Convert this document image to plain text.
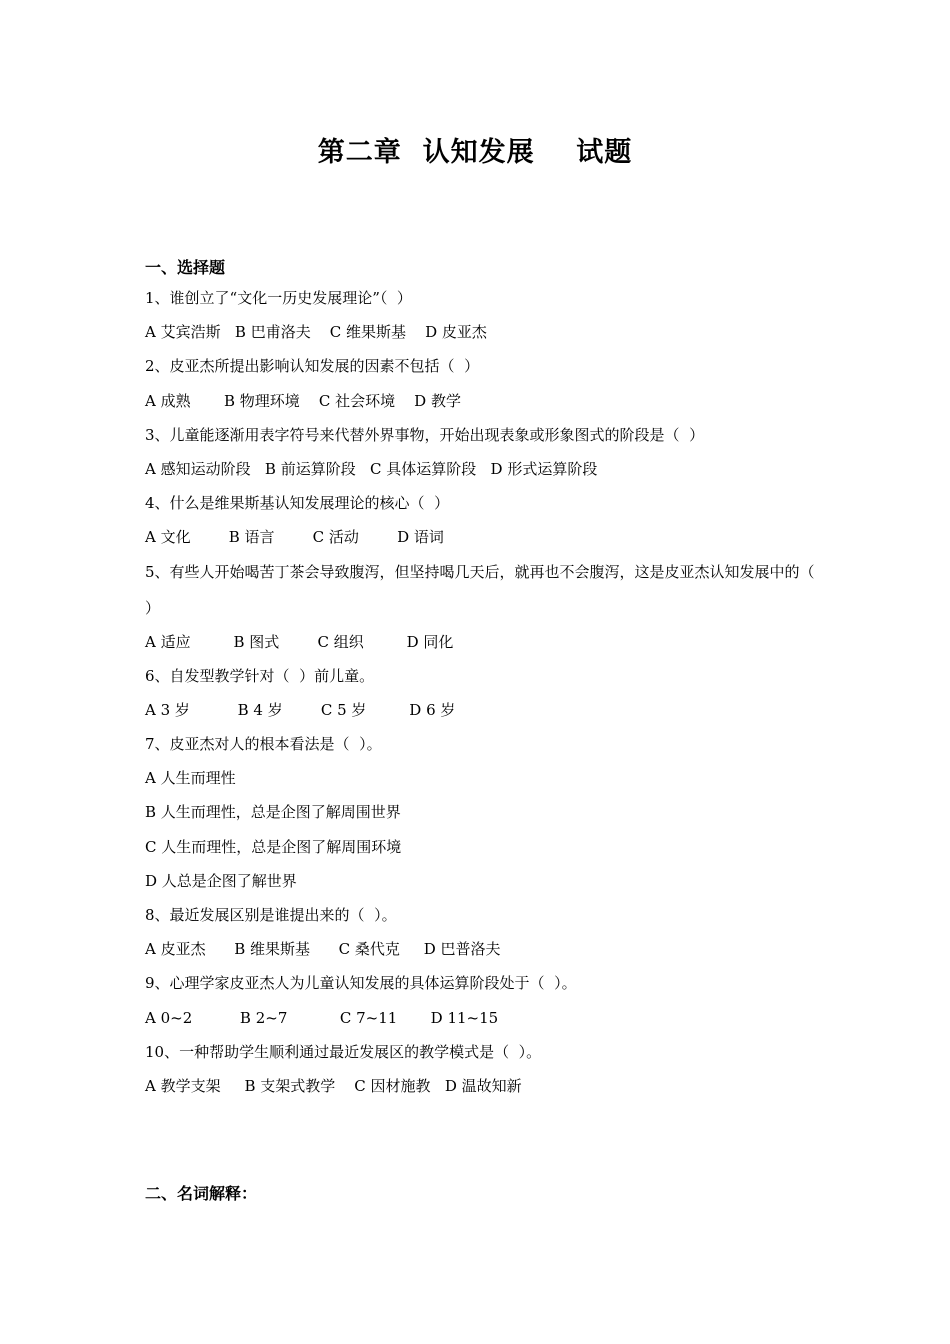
第二章  认知发展    试题
一、选择题
1、谁创立了“文化一历史发展理论”（  ）
A 艾宾浩斯   B 巴甫洛夫    C 维果斯基    D 皮亚杰
2、皮亚杰所提出影响认知发展的因素不包括（  ）
A 成熟       B 物理环境    C 社会环境    D 教学
3、儿童能逐渐用表字符号来代替外界事物，开始出现表象或形象图式的阶段是（  ）
A 感知运动阶段   B 前运算阶段   C 具体运算阶段   D 形式运算阶段
4、什么是维果斯基认知发展理论的核心（  ）
A 文化        B 语言        C 活动        D 语词
5、有些人开始喝苦丁茶会导致腹泻，但坚持喝几天后，就再也不会腹泻，这是皮亚杰认知发展中的（ ）
A 适应         B 图式        C 组织         D 同化
6、自发型教学针对（  ）前儿童。
A 3 岁          B 4 岁        C 5 岁         D 6 岁
7、皮亚杰对人的根本看法是（  ）。
A 人生而理性
B 人生而理性，总是企图了解周围世界
C 人生而理性，总是企图了解周围环境
D 人总是企图了解世界
8、最近发展区别是谁提出来的（  ）。
A 皮亚杰      B 维果斯基      C 桑代克     D 巴普洛夫
9、心理学家皮亚杰人为儿童认知发展的具体运算阶段处于（  ）。
A 0~2          B 2~7           C 7~11       D 11~15
10、一种帮助学生顺利通过最近发展区的教学模式是（  ）。
A 教学支架     B 支架式教学    C 因材施教   D 温故知新
二、名词解释：
